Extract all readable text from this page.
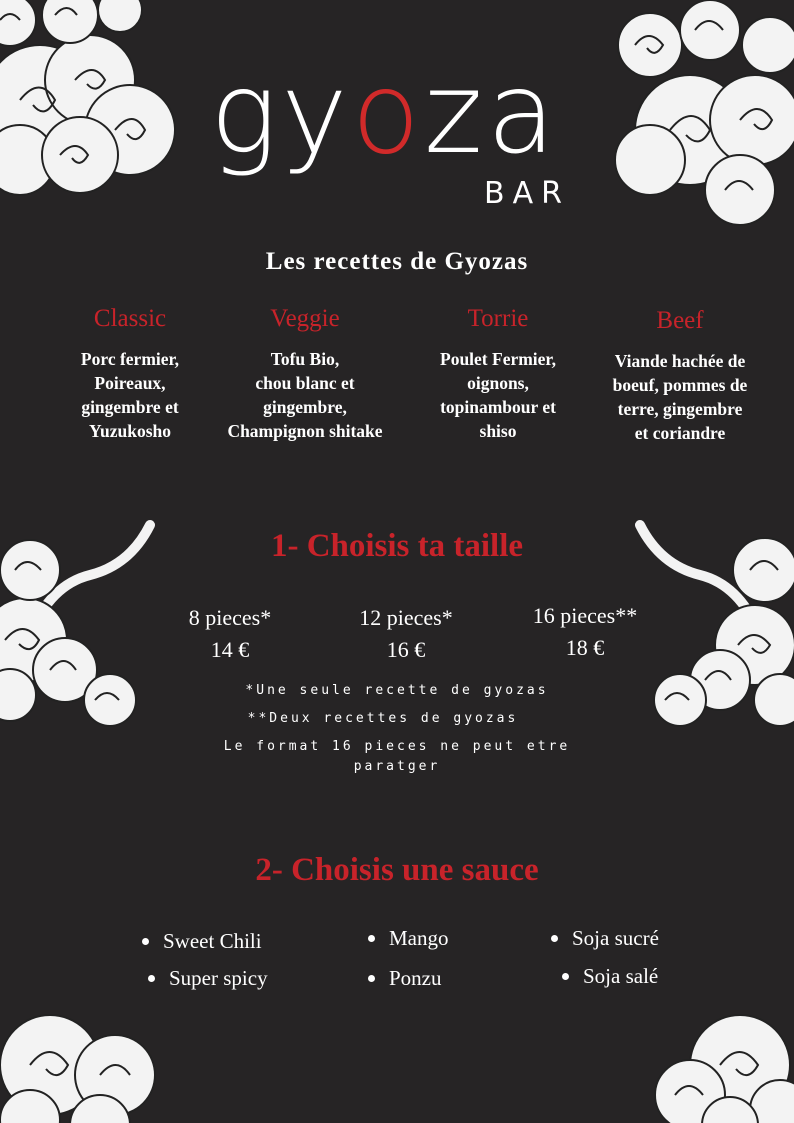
gyoza
BAR
Les recettes de Gyozas
Classic
Porc fermier,
Poireaux,
gingembre et
Yuzukosho
Veggie
Tofu Bio,
chou blanc et
gingembre,
Champignon shitake
Torrie
Poulet Fermier,
oignons,
topinambour et
shiso
Beef
Viande hachée de
boeuf, pommes de
terre, gingembre
et coriandre
1- Choisis ta taille
8 pieces*
14 €
12 pieces*
16 €
16 pieces**
18 €
*Une seule recette de gyozas
**Deux recettes de gyozas
Le format 16 pieces ne peut etre
paratger
2- Choisis une sauce
Sweet Chili
Super spicy
Mango
Ponzu
Soja sucré
Soja salé
